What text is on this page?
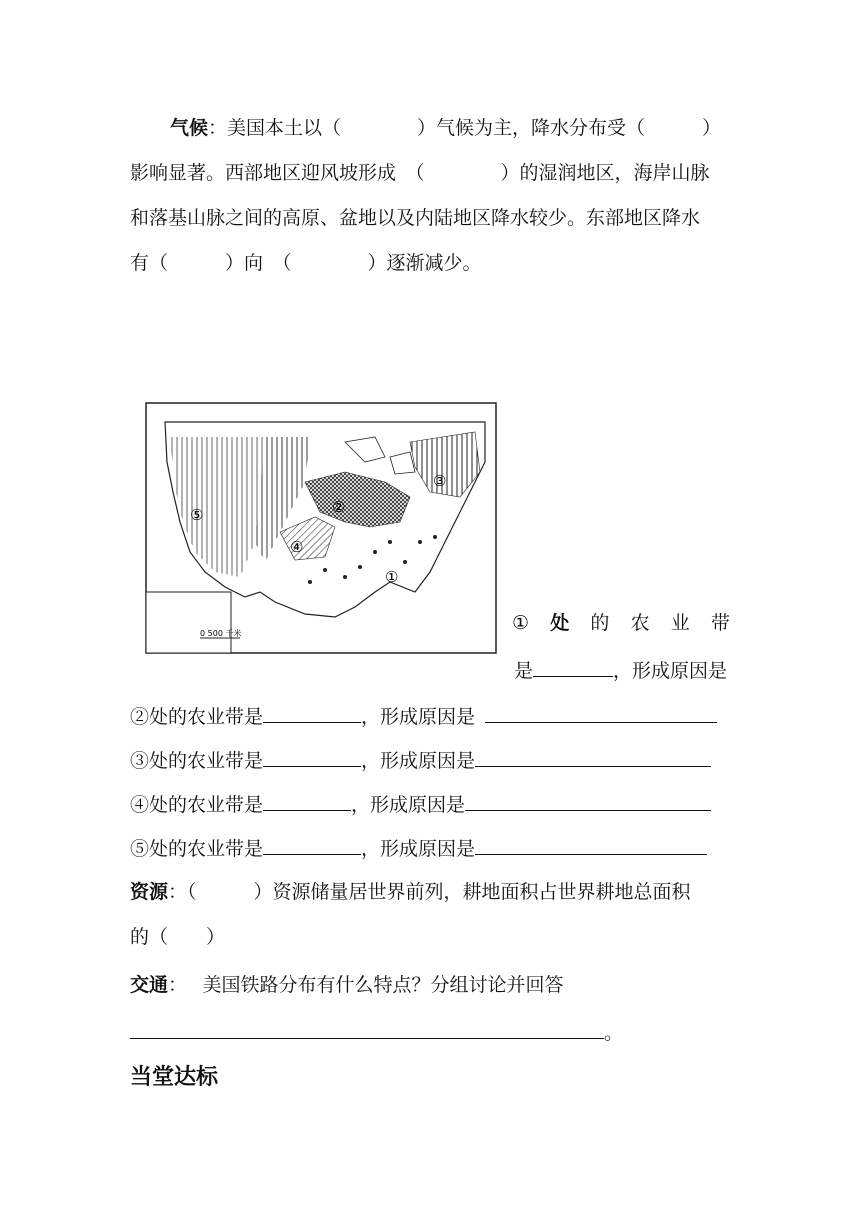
气候：美国本土以（　　　　）气候为主，降水分布受（　　　）
影响显著。西部地区迎风坡形成　（　　　　）的湿润地区，海岸山脉
和落基山脉之间的高原、盆地以及内陆地区降水较少。东部地区降水
有（　　　）向　（　　　　）逐渐减少。
0 500 千米
⑤	②
③
④
①
① 处 的 农 业 带
是	，形成原因是
②处的农业带是	，形成原因是
③处的农业带是	，形成原因是
④处的农业带是	，形成原因是
⑤处的农业带是	，形成原因是
资源：（　　　）资源储量居世界前列，耕地面积占世界耕地总面积
的（　　）
交通：　 美国铁路分布有什么特点？分组讨论并回答
。
当堂达标
